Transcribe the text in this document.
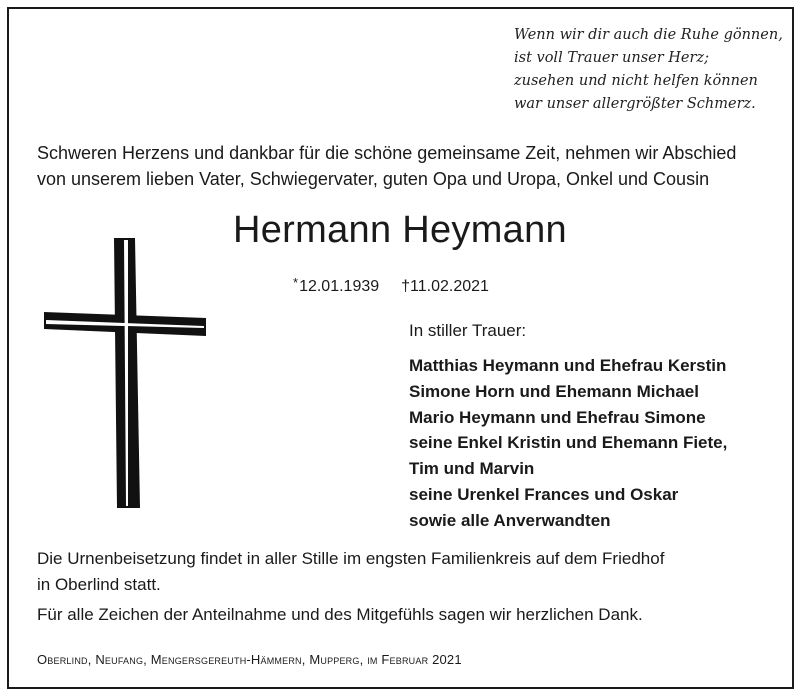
Wenn wir dir auch die Ruhe gönnen,
ist voll Trauer unser Herz;
zusehen und nicht helfen können
war unser allergrößter Schmerz.
Schweren Herzens und dankbar für die schöne gemeinsame Zeit, nehmen wir Abschied
von unserem lieben Vater, Schwiegervater, guten Opa und Uropa, Onkel und Cousin
Hermann Heymann
*12.01.1939 †11.02.2021
In stiller Trauer:
Matthias Heymann und Ehefrau Kerstin
Simone Horn und Ehemann Michael
Mario Heymann und Ehefrau Simone
seine Enkel Kristin und Ehemann Fiete,
Tim und Marvin
seine Urenkel Frances und Oskar
sowie alle Anverwandten
Die Urnenbeisetzung findet in aller Stille im engsten Familienkreis auf dem Friedhof
in Oberlind statt.
Für alle Zeichen der Anteilnahme und des Mitgefühls sagen wir herzlichen Dank.
Oberlind, Neufang, Mengersgereuth-Hämmern, Mupperg, im Februar 2021
